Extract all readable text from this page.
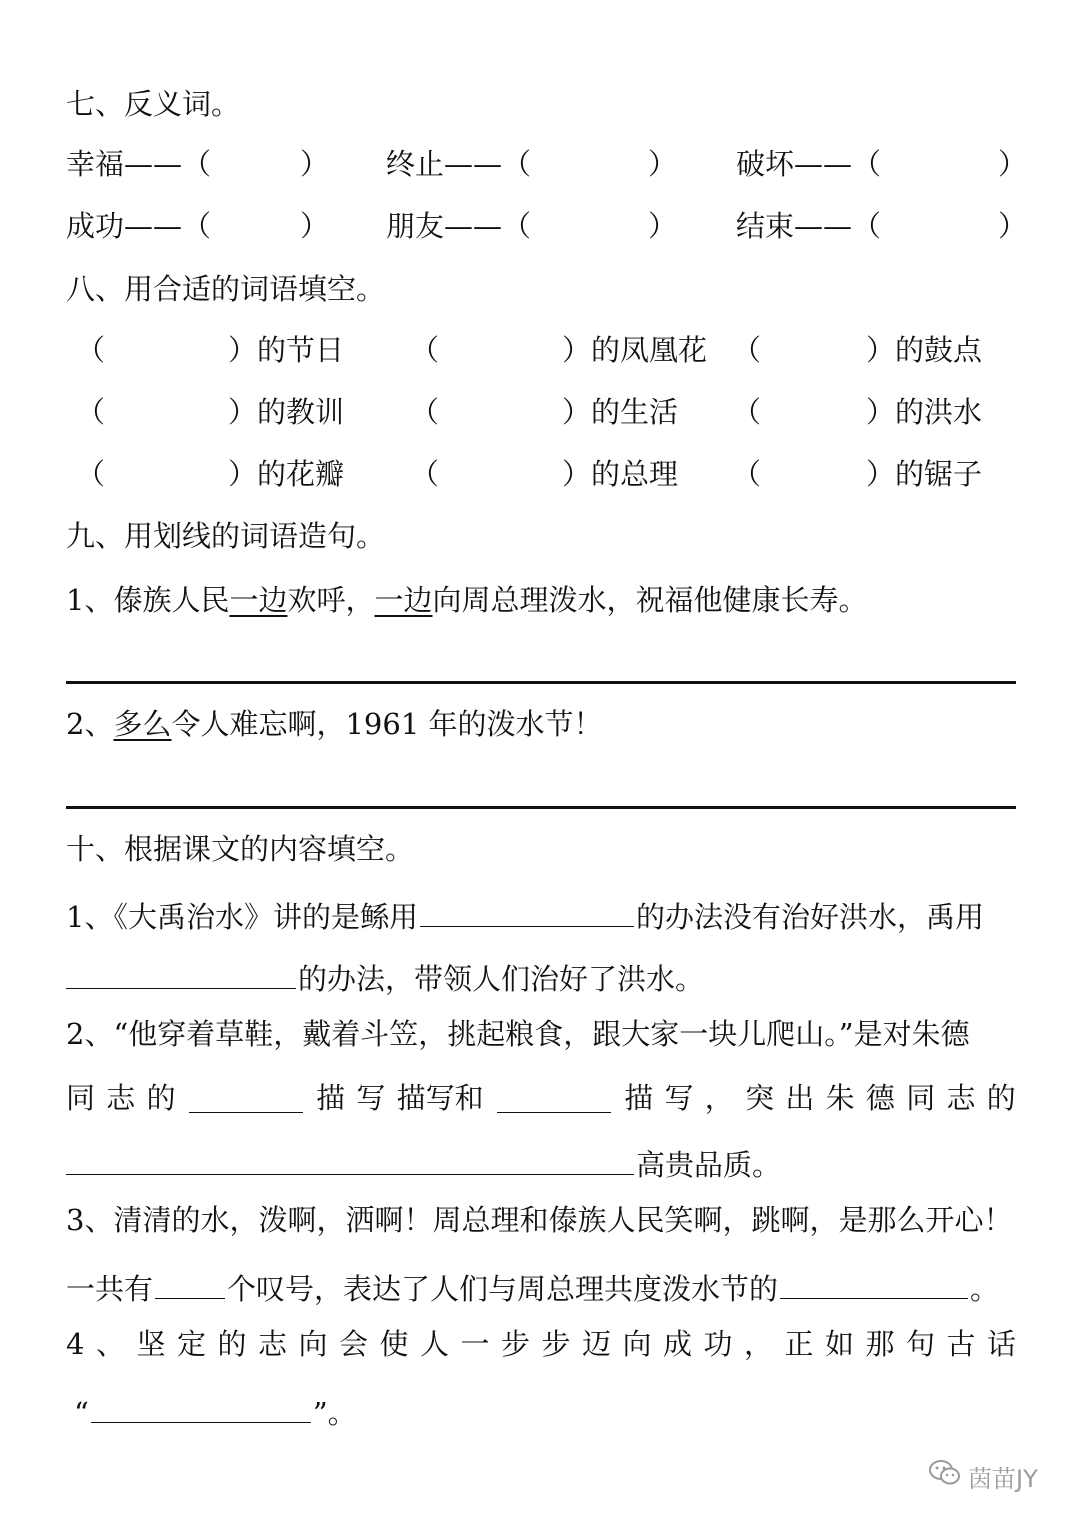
七、反义词。
幸福——（	） 终止——（	） 破坏——（	）
成功——（	） 朋友——（	） 结束——（	）
八、用合适的词语填空。
（	）的节日 （	）的凤凰花 （	）的鼓点
（	）的教训 （	）的生活 （	）的洪水
（	）的花瓣 （	）的总理 （	）的锯子
九、用划线的词语造句。
1、傣族人民一边欢呼，一边向周总理泼水，祝福他健康长寿。
2、多么令人难忘啊，1961 年的泼水节！
十、根据课文的内容填空。
1、《大禹治水》讲的是鲧用	的办法没有治好洪水，禹用
的办法，带领人们治好了洪水。
2、“他穿着草鞋，戴着斗笠，挑起粮食，跟大家一块儿爬山。”是对朱德
同 志 的	描 写 描写和	描 写 ， 突 出 朱 德 同 志 的
高贵品质。
3、清清的水，泼啊，洒啊！周总理和傣族人民笑啊，跳啊，是那么开心！
一共有	个叹号，表达了人们与周总理共度泼水节的	。
4 、 坚 定 的 志 向 会 使 人 一 步 步 迈 向 成 功 ， 正 如 那 句 古 话
“	”。
茵苗JY
